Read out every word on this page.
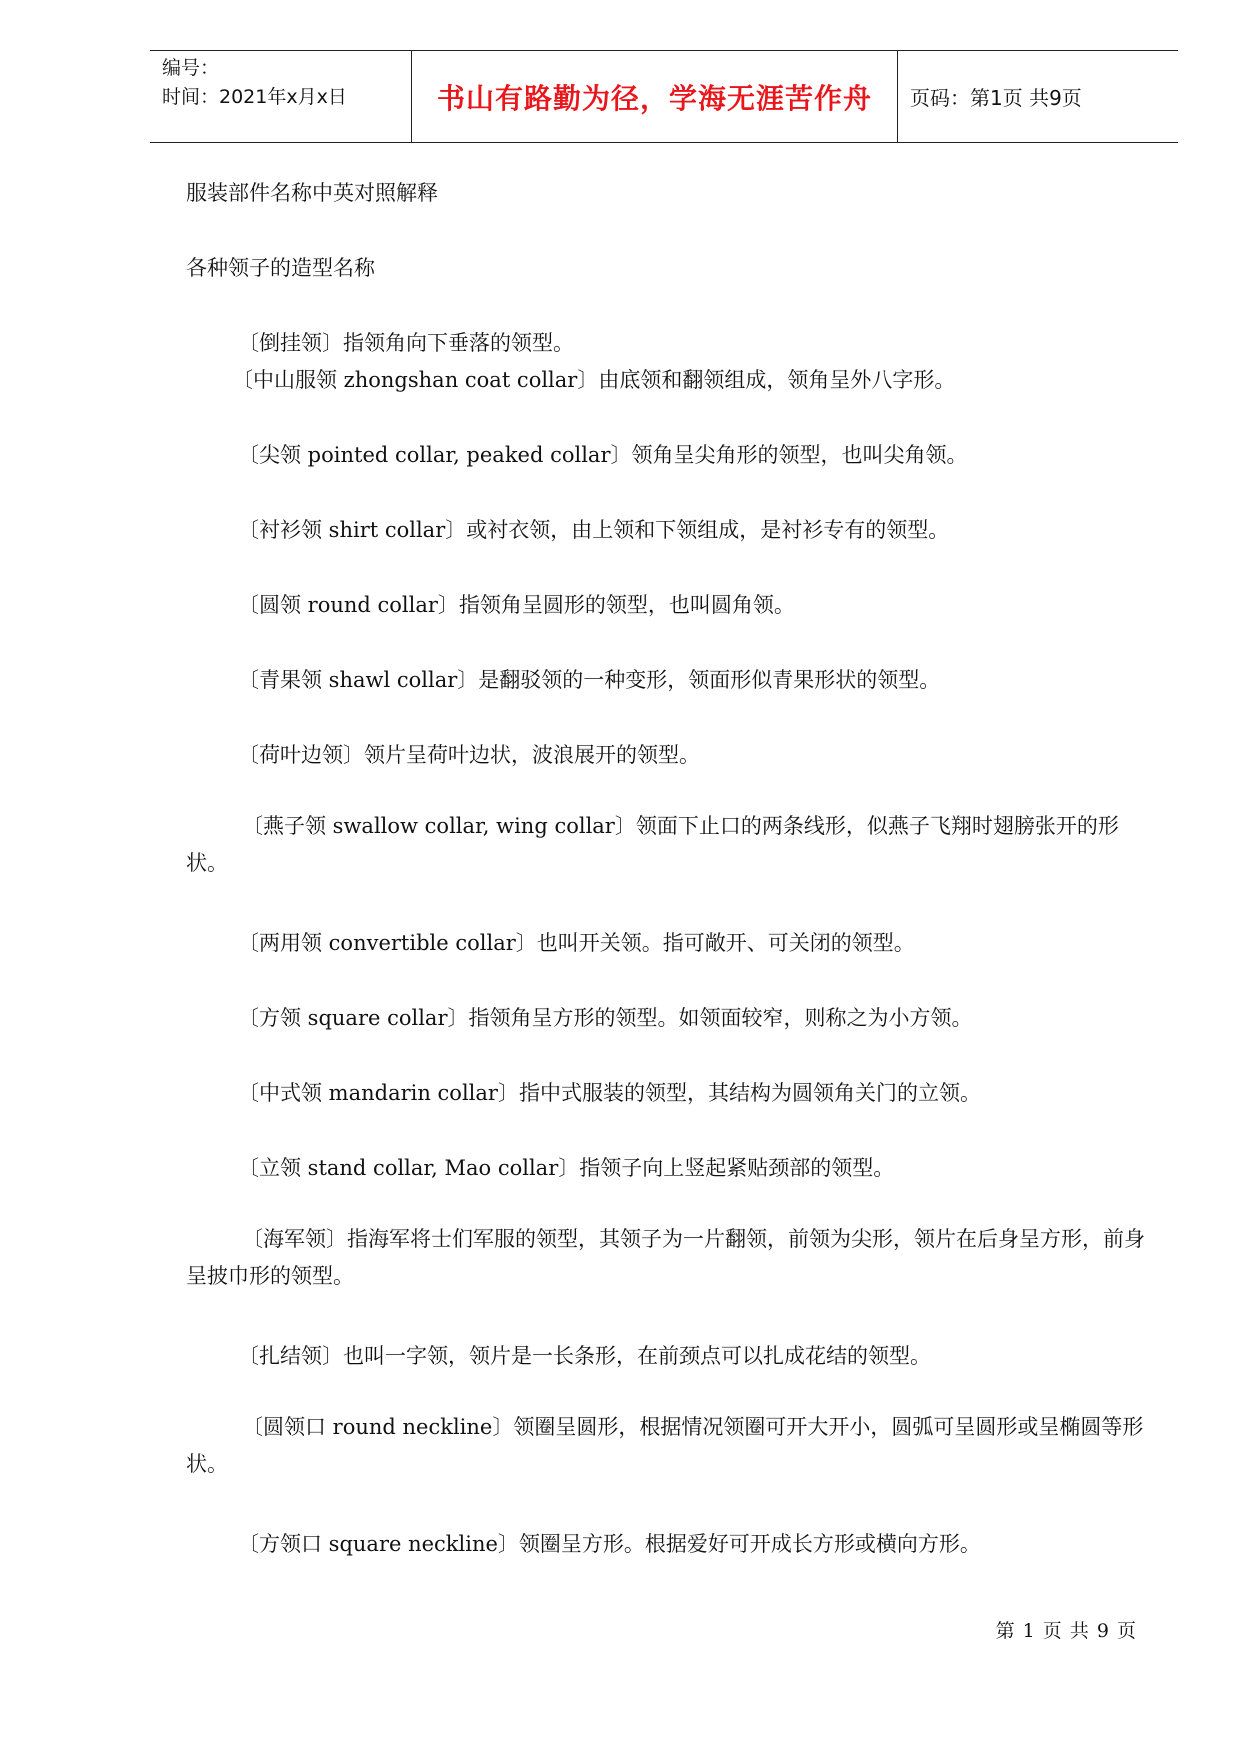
编号：
时间：2021年x月x日	书山有路勤为径，学海无涯苦作舟	页码：第1页 共9页
服装部件名称中英对照解释
各种领子的造型名称
〔倒挂领〕指领角向下垂落的领型。
〔中山服领 zhongshan coat collar〕由底领和翻领组成，领角呈外八字形。
〔尖领 pointed collar, peaked collar〕领角呈尖角形的领型，也叫尖角领。
〔衬衫领 shirt collar〕或衬衣领，由上领和下领组成，是衬衫专有的领型。
〔圆领 round collar〕指领角呈圆形的领型，也叫圆角领。
〔青果领 shawl collar〕是翻驳领的一种变形，领面形似青果形状的领型。
〔荷叶边领〕领片呈荷叶边状，波浪展开的领型。
〔燕子领 swallow collar, wing collar〕领面下止口的两条线形，似燕子飞翔时翅膀张开的形状。
〔两用领 convertible collar〕也叫开关领。指可敞开、可关闭的领型。
〔方领 square collar〕指领角呈方形的领型。如领面较窄，则称之为小方领。
〔中式领 mandarin collar〕指中式服装的领型，其结构为圆领角关门的立领。
〔立领 stand collar, Mao collar〕指领子向上竖起紧贴颈部的领型。
〔海军领〕指海军将士们军服的领型，其领子为一片翻领，前领为尖形，领片在后身呈方形，前身呈披巾形的领型。
〔扎结领〕也叫一字领，领片是一长条形，在前颈点可以扎成花结的领型。
〔圆领口 round neckline〕领圈呈圆形，根据情况领圈可开大开小，圆弧可呈圆形或呈椭圆等形状。
〔方领口 square neckline〕领圈呈方形。根据爱好可开成长方形或横向方形。
第 1 页 共 9 页
